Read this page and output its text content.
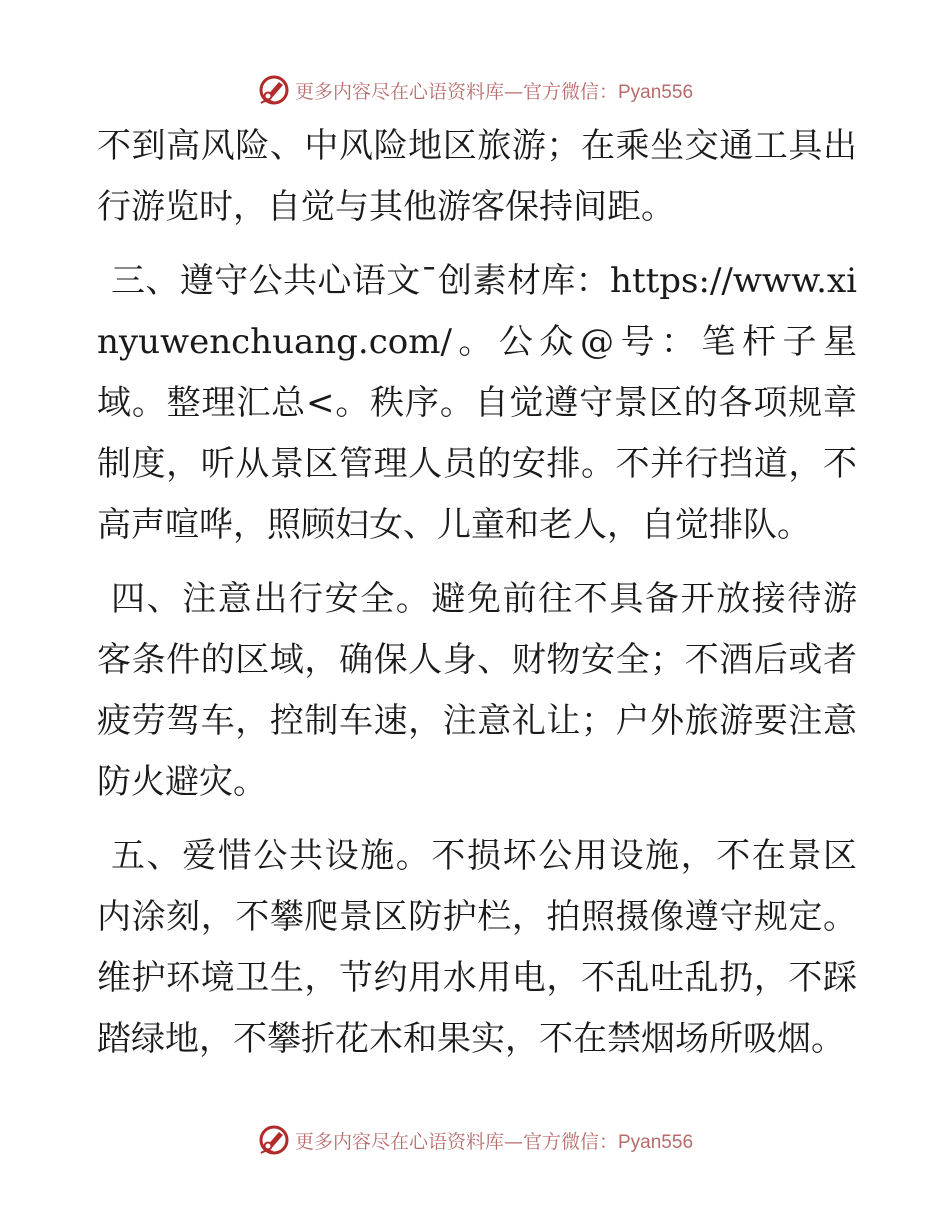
更多内容尽在心语资料库—官方微信：Pyan556

不到高风险、中风险地区旅游；在乘坐交通工具出行游览时，自觉与其他游客保持间距。

三、遵守公共心语文¯创素材库：https://www.xinyuwenchuang.com/。公众@号：笔杆子星域。整理汇总<。秩序。自觉遵守景区的各项规章制度，听从景区管理人员的安排。不并行挡道，不高声喧哗，照顾妇女、儿童和老人，自觉排队。

四、注意出行安全。避免前往不具备开放接待游客条件的区域，确保人身、财物安全；不酒后或者疲劳驾车，控制车速，注意礼让；户外旅游要注意防火避灾。

五、爱惜公共设施。不损坏公用设施，不在景区内涂刻，不攀爬景区防护栏，拍照摄像遵守规定。维护环境卫生，节约用水用电，不乱吐乱扔，不踩踏绿地，不攀折花木和果实，不在禁烟场所吸烟。

更多内容尽在心语资料库—官方微信：Pyan556
